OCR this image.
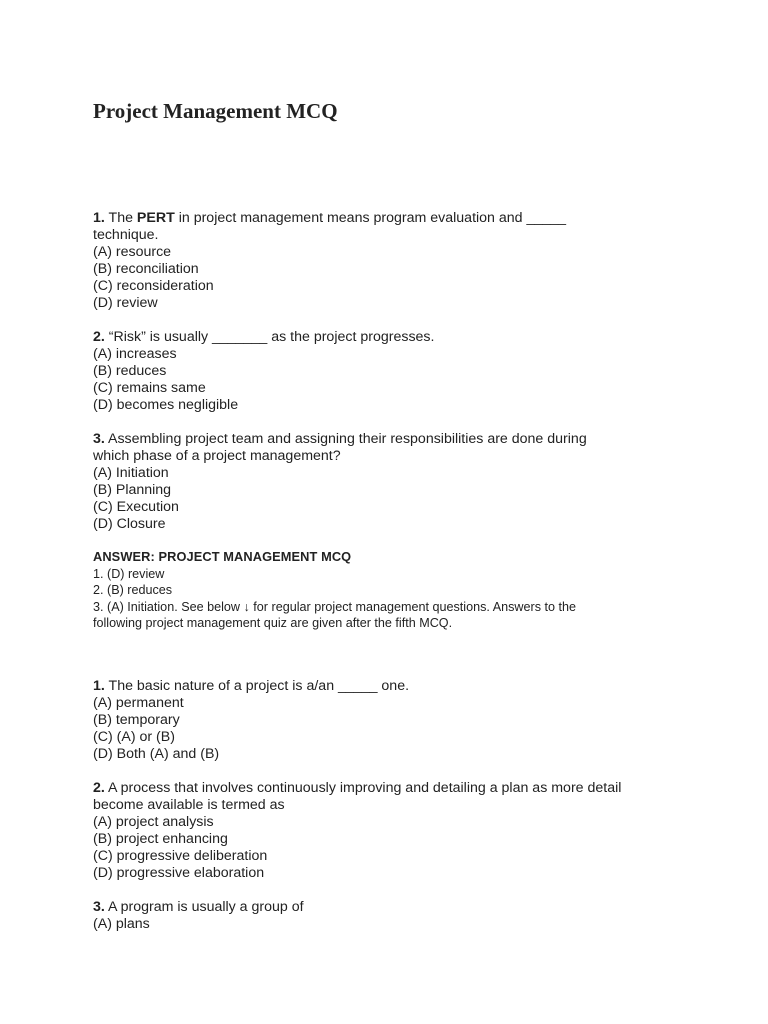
Project Management MCQ
1. The PERT in project management means program evaluation and _____
technique.
(A) resource
(B) reconciliation
(C) reconsideration
(D) review
2. “Risk” is usually _______ as the project progresses.
(A) increases
(B) reduces
(C) remains same
(D) becomes negligible
3. Assembling project team and assigning their responsibilities are done during
which phase of a project management?
(A) Initiation
(B) Planning
(C) Execution
(D) Closure
ANSWER: PROJECT MANAGEMENT MCQ
1. (D) review
2. (B) reduces
3. (A) Initiation. See below ↓ for regular project management questions. Answers to the
following project management quiz are given after the fifth MCQ.
1. The basic nature of a project is a/an _____ one.
(A) permanent
(B) temporary
(C) (A) or (B)
(D) Both (A) and (B)
2. A process that involves continuously improving and detailing a plan as more detail
become available is termed as
(A) project analysis
(B) project enhancing
(C) progressive deliberation
(D) progressive elaboration
3. A program is usually a group of
(A) plans
